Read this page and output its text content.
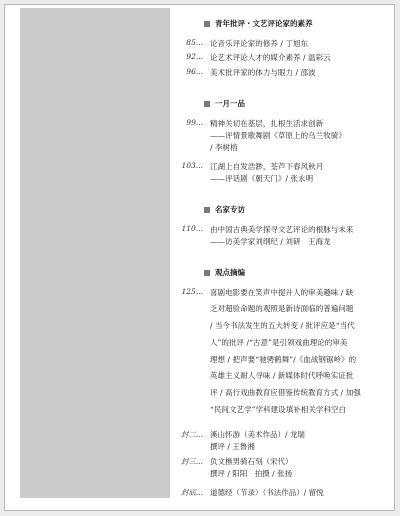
青年批评・文艺评论家的素养
85... 论音乐评论家的修养 / 丁旭东
92... 论艺术评论人才的媒介素养 / 温彩云
96... 美术批评家的体力与眼力 / 邵波
一月一品
99... 精神关切在基层，扎根生活求创新
——评情景歌舞剧《草原上的乌兰牧骑》
/ 李树榕
103... 江湖上自发浩渺，荃芦下春风秋月
——评话剧《朝天门》/ 张永明
名家专访
110... 由中国古典美学探寻文艺评论的根脉与未来
——访美学家刘纲纪 / 刘研　王海龙
观点摘编
125... 喜剧电影要在笑声中提升人的审美趣味 / 缺
乏对超验命题的观照是新诗面临的普遍问题
/ 当今书法发生的五大转变 / 批评应是“当代
人”的批评 /“古意”是引领戏曲理论的审美
理想 / 把声要“驰骋鹤舞”/《血战钢锯岭》的
英雄主义耐人寻味 / 新媒体时代呼唤实证批
评 / 高行戏曲教育应借鉴传统教育方式 / 加强
“民间文艺学”学科建设填补相关学科空白
封二... 溪山怀游（美术作品）/ 龙瑞
撰评 / 王鲁湘
封三... 负文樵男骑石刻（宋代）
撰评 / 阳阳　拍摄 / 张扬
封底... 道德经（节录）（书法作品）/ 留悦
